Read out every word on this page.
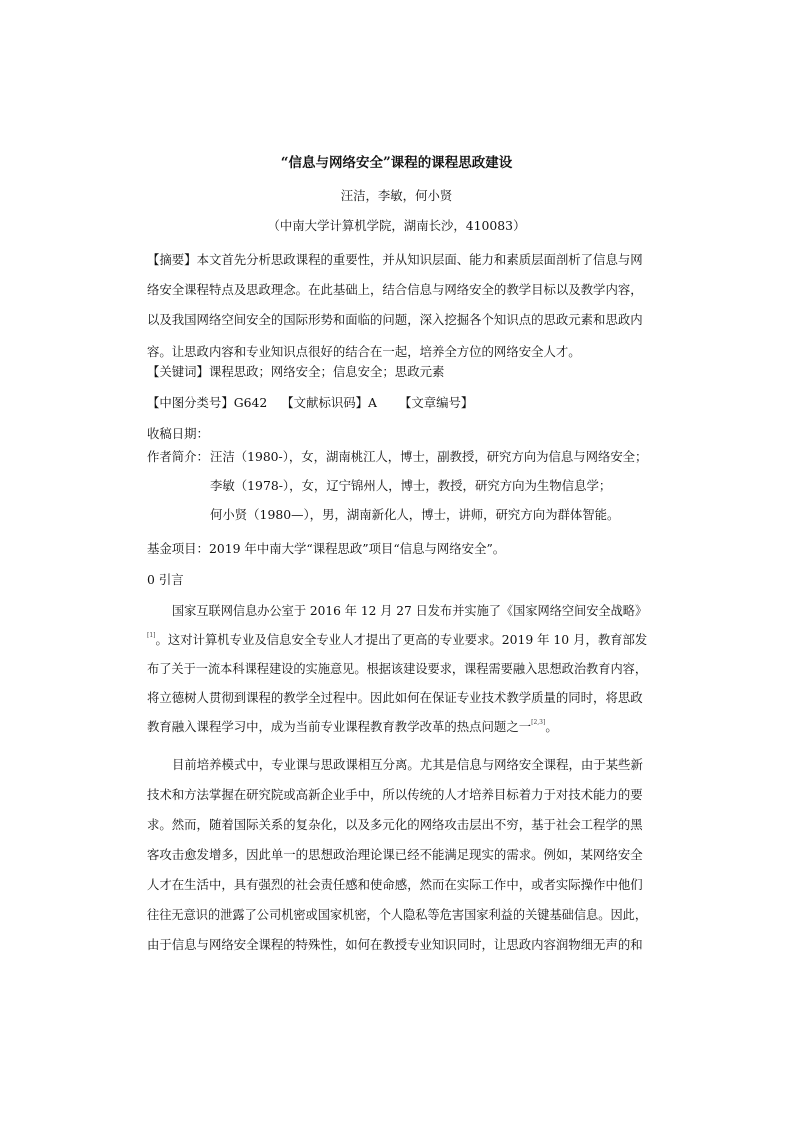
“信息与网络安全”课程的课程思政建设
汪洁，李敏，何小贤
（中南大学计算机学院，湖南长沙，410083）
【摘要】本文首先分析思政课程的重要性，并从知识层面、能力和素质层面剖析了信息与网
络安全课程特点及思政理念。在此基础上，结合信息与网络安全的教学目标以及教学内容，
以及我国网络空间安全的国际形势和面临的问题，深入挖掘各个知识点的思政元素和思政内
容。让思政内容和专业知识点很好的结合在一起，培养全方位的网络安全人才。
【关键词】课程思政；网络安全；信息安全；思政元素
【中图分类号】G642 【文献标识码】A 【文章编号】
收稿日期：
作者简介： 汪洁（1980-），女，湖南桃江人，博士，副教授，研究方向为信息与网络安全；
李敏（1978-），女，辽宁锦州人，博士，教授，研究方向为生物信息学；
何小贤（1980—），男，湖南新化人，博士，讲师，研究方向为群体智能。
基金项目：2019 年中南大学“课程思政”项目“信息与网络安全”。
0 引言
国家互联网信息办公室于 2016 年 12 月 27 日发布并实施了《国家网络空间安全战略》
[1]。这对计算机专业及信息安全专业人才提出了更高的专业要求。2019 年 10 月，教育部发
布了关于一流本科课程建设的实施意见。根据该建设要求，课程需要融入思想政治教育内容，
将立德树人贯彻到课程的教学全过程中。因此如何在保证专业技术教学质量的同时，将思政
教育融入课程学习中，成为当前专业课程教育教学改革的热点问题之一[2,3]。
目前培养模式中，专业课与思政课相互分离。尤其是信息与网络安全课程，由于某些新
技术和方法掌握在研究院或高新企业手中，所以传统的人才培养目标着力于对技术能力的要
求。然而，随着国际关系的复杂化，以及多元化的网络攻击层出不穷，基于社会工程学的黑
客攻击愈发增多，因此单一的思想政治理论课已经不能满足现实的需求。例如，某网络安全
人才在生活中，具有强烈的社会责任感和使命感，然而在实际工作中，或者实际操作中他们
往往无意识的泄露了公司机密或国家机密，个人隐私等危害国家利益的关键基础信息。因此，
由于信息与网络安全课程的特殊性，如何在教授专业知识同时，让思政内容润物细无声的和
